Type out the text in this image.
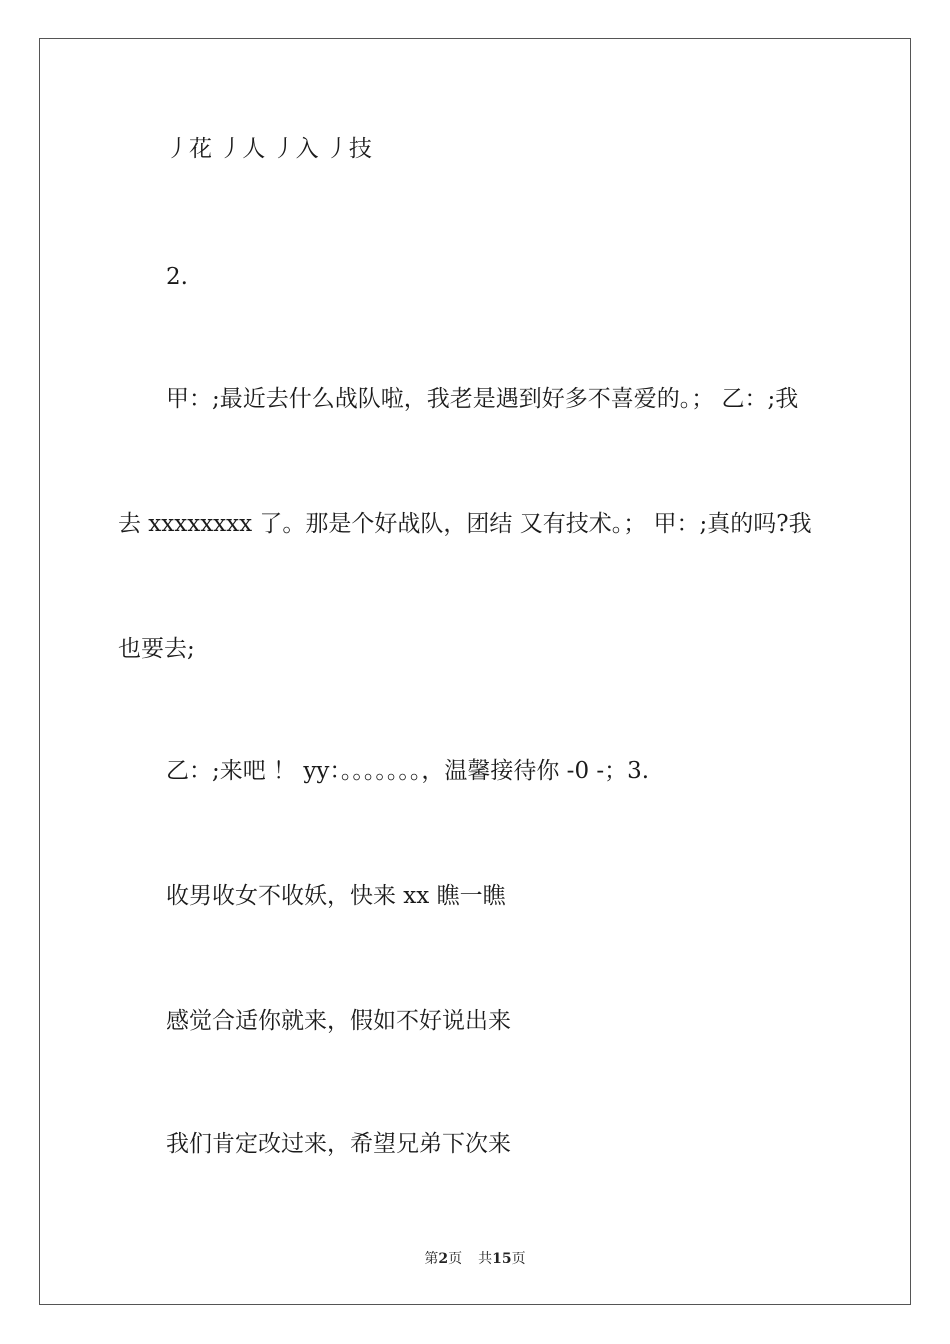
丿花 丿人 丿入 丿技
2.
甲：;最近去什么战队啦，我老是遇到好多不喜爱的。； 乙：;我
去 xxxxxxxx 了。那是个好战队，团结 又有技术。； 甲：;真的吗?我
也要去;
乙：;来吧 ！ yy：。。。。。。。，温馨接待你 -0 -；3.
收男收女不收妖，快来 xx 瞧一瞧
感觉合适你就来，假如不好说出来
我们肯定改过来，希望兄弟下次来
第2页 共15页
